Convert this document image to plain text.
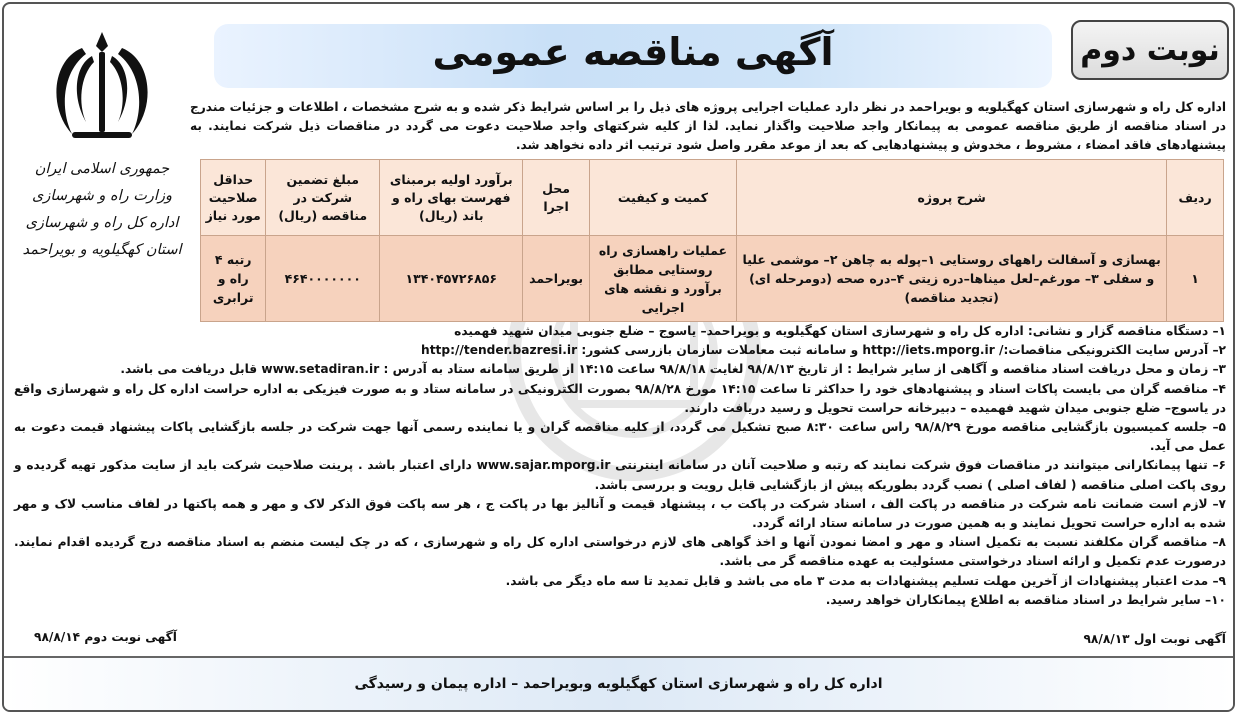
آگهی مناقصه عمومی	نوبت دوم
جمهوری اسلامی ایران
وزارت راه و شهرسازی
اداره کل راه و شهرسازی
استان کهگیلویه و بویراحمد
اداره کل راه و شهرسازی استان کهگیلویه و بویراحمد در نظر دارد عملیات اجرایی پروژه های ذیل را بر اساس شرایط ذکر شده و به شرح مشخصات ، اطلاعات و جزئیات مندرج در اسناد مناقصه از طریق مناقصه عمومی به پیمانکار واجد صلاحیت واگذار نماید. لذا از کلیه شرکتهای واجد صلاحیت دعوت می گردد در مناقصات ذیل شرکت نمایند. به پیشنهادهای فاقد امضاء ، مشروط ، مخدوش و پیشنهادهایی که بعد از موعد مقرر واصل شود ترتیب اثر داده نخواهد شد.
ردیف	شرح پروژه	کمیت و کیفیت	محل اجرا	برآورد اولیه برمبنای فهرست بهای راه و باند (ریال)	مبلغ تضمین شرکت در مناقصه (ریال)	حداقل صلاحیت مورد نیاز
۱	بهسازی و آسفالت راههای روستایی ۱–پوله به چاهن ۲– موشمی علیا و سفلی ۳– مورغم–لعل میناها–دره زیتی ۴–دره صحه (دومرحله ای) (تجدید مناقصه)	عملیات راهسازی راه روستایی مطابق برآورد و نقشه های اجرایی	بویراحمد	۱۳۴۰۴۵۷۲۶۸۵۶	۴۶۴۰۰۰۰۰۰۰	رتبه ۴ راه و ترابری

۱– دستگاه مناقصه گزار و نشانی: اداره کل راه و شهرسازی استان کهگیلویه و بویراحمد– یاسوج – ضلع جنوبی میدان شهید فهمیده

۲– آدرس سایت الکترونیکی مناقصات:/ http://iets.mporg.ir و سامانه ثبت معاملات سازمان بازرسی کشور: http://tender.bazresi.ir

۳– زمان و محل دریافت اسناد مناقصه و آگاهی از سایر شرایط : از تاریخ ۹۸/۸/۱۳ لغایت ۹۸/۸/۱۸ ساعت ۱۴:۱۵ از طریق سامانه ستاد به آدرس : www.setadiran.ir قابل دریافت می باشد.

۴– مناقصه گران می بایست پاکات اسناد و پیشنهادهای خود را حداکثر تا ساعت ۱۴:۱۵ مورخ ۹۸/۸/۲۸ بصورت الکترونیکی در سامانه ستاد و به صورت فیزیکی به اداره حراست اداره کل راه و شهرسازی واقع در یاسوج– ضلع جنوبی میدان شهید فهمیده – دبیرخانه حراست تحویل و رسید دریافت دارند.

۵– جلسه کمیسیون بازگشایی مناقصه مورخ ۹۸/۸/۲۹ راس ساعت ۸:۳۰ صبح تشکیل می گردد، از کلیه مناقصه گران و یا نماینده رسمی آنها جهت شرکت در جلسه بازگشایی پاکات پیشنهاد قیمت دعوت به عمل می آید.

۶– تنها پیمانکارانی میتوانند در مناقصات فوق شرکت نمایند که رتبه و صلاحیت آنان در سامانه اینترنتی www.sajar.mporg.ir دارای اعتبار باشد . پرینت صلاحیت شرکت باید از سایت مذکور تهیه گردیده و روی پاکت اصلی مناقصه ( لفاف اصلی ) نصب گردد بطوریکه پیش از بازگشایی قابل رویت و بررسی باشد.

۷– لازم است ضمانت نامه شرکت در مناقصه در پاکت الف ، اسناد شرکت در پاکت ب ، پیشنهاد قیمت و آنالیز بها در پاکت ج ، هر سه پاکت فوق الذکر لاک و مهر و همه پاکتها در لفاف مناسب لاک و مهر شده به اداره حراست تحویل نمایند و به همین صورت در سامانه ستاد ارائه گردد.

۸– مناقصه گران مکلفند نسبت به تکمیل اسناد و مهر و امضا نمودن آنها و اخذ گواهی های لازم درخواستی اداره کل راه و شهرسازی ، که در چک لیست منضم به اسناد مناقصه درج گردیده اقدام نمایند. درصورت عدم تکمیل و ارائه اسناد درخواستی مسئولیت به عهده مناقصه گر می باشد.

۹– مدت اعتبار پیشنهادات از آخرین مهلت تسلیم پیشنهادات به مدت ۳ ماه می باشد و قابل تمدید تا سه ماه دیگر می باشد.

۱۰– سایر شرایط در اسناد مناقصه به اطلاع پیمانکاران خواهد رسید.

آگهی نوبت اول ۹۸/۸/۱۳
آگهی نوبت دوم ۹۸/۸/۱۴
اداره کل راه و شهرسازی استان کهگیلویه وبویراحمد – اداره پیمان و رسیدگی
